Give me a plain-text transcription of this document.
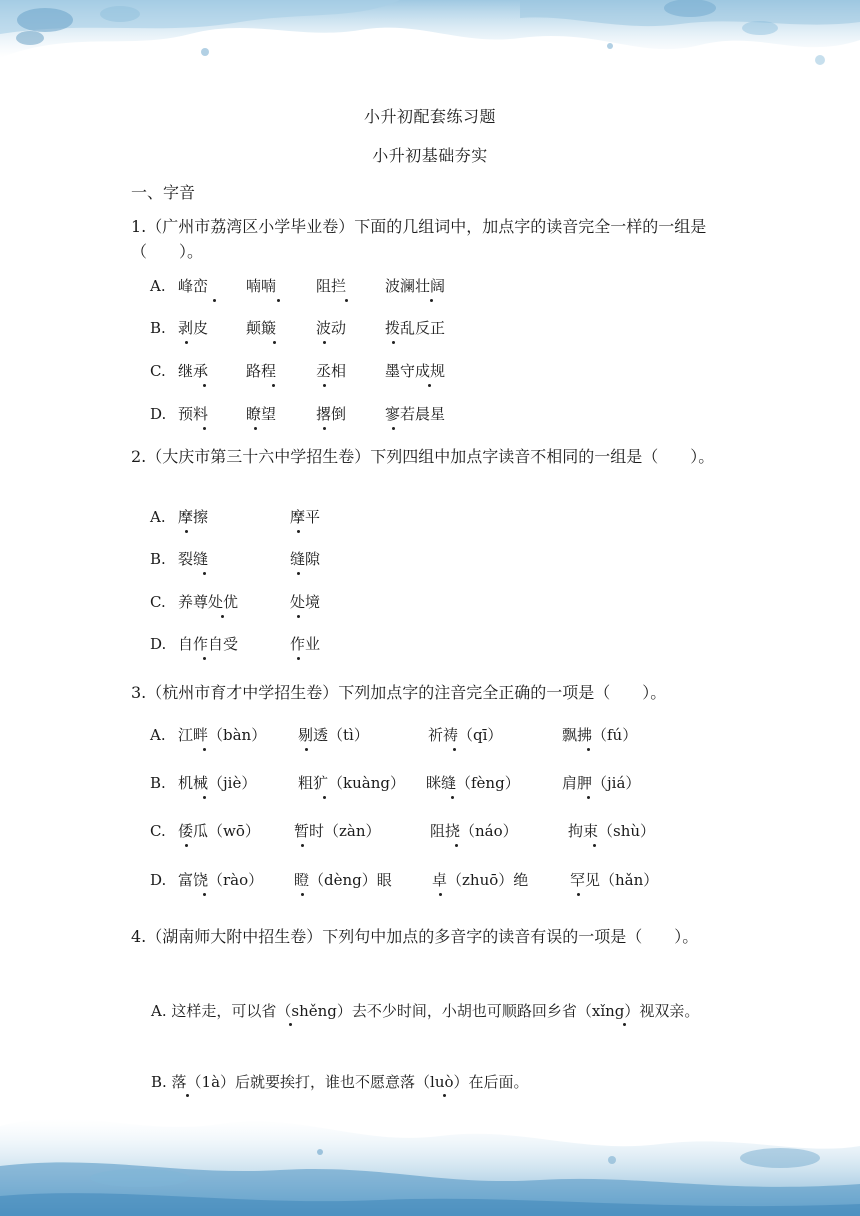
小升初配套练习题
小升初基础夯实
一、字音
1.（广州市荔湾区小学毕业卷）下面的几组词中，加点字的读音完全一样的一组是（　　）。
A. 峰峦	喃喃	阻拦	波澜壮阔
B. 剥皮	颠簸	波动	拨乱反正
C. 继承	路程	丞相	墨守成规
D. 预料	瞭望	撂倒	寥若晨星
2.（大庆市第三十六中学招生卷）下列四组中加点字读音不相同的一组是（　　）。
A. 摩擦	摩平
B. 裂缝	缝隙
C. 养尊处优	处境
D. 自作自受	作业
3.（杭州市育才中学招生卷）下列加点字的注音完全正确的一项是（　　）。
A. 江畔（bàn） 剔透（tì）	祈祷（qī）	飘拂（fú）
B. 机械（jiè）	粗犷（kuàng） 眯缝（fèng）	肩胛（jiá）
C. 倭瓜（wō） 暂时（zàn）	阻挠（náo）	拘束（shù）
D. 富饶（rào） 瞪（dèng）眼	卓（zhuō）绝	罕见（hǎn）
4.（湖南师大附中招生卷）下列句中加点的多音字的读音有误的一项是（　　）。
A. 这样走，可以省（shěng）去不少时间，小胡也可顺路回乡省（xǐng）视双亲。
B. 落（1à）后就要挨打，谁也不愿意落（luò）在后面。
